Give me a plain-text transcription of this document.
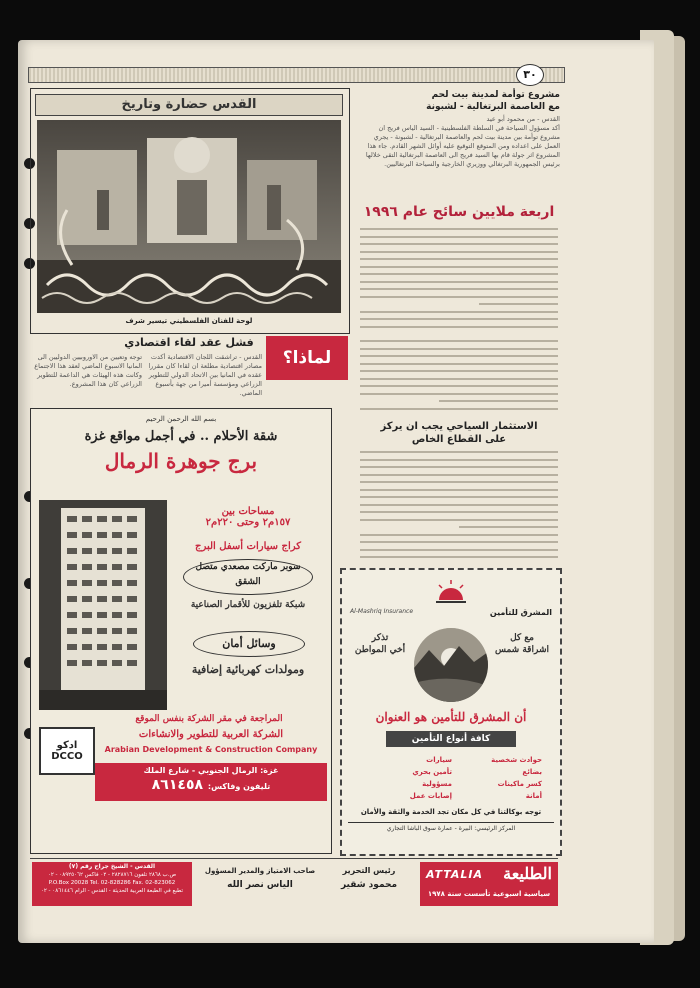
٣٠
القدس حضارة وتاريخ
لوحة للفنان الفلسطيني تيسير شرف
مشروع توأمة لمدينة بيت لحم
مع العاصمة البرتغالية - لشبونة
القدس - من محمود أبو عيد
أكد مسؤول السياحة في السلطة الفلسطينية - السيد الياس فريج ان مشروع توأمة بين مدينة بيت لحم والعاصمة البرتغالية - لشبونة - يجري العمل على اعداده ومن المتوقع التوقيع عليه أوائل الشهر القادم. جاء هذا المشروع اثر جولة قام بها السيد فريج الى العاصمة البرتغالية التقى خلالها برئيس الجمهورية البرتغالي ووزيري الخارجية والسياحة البرتغاليين.
اربعة ملايين سائح عام ١٩٩٦
فشل عقد لقاء اقتصادي
لماذا؟
القدس - تراشقت اللجان الاقتصادية أكدت مصادر اقتصادية مطلعة ان لقاءا كان مقررا عقده في المانيا بين الاتحاد الدولي للتطوير الزراعي ومؤسسة أميرا من جهة بأسبوع الماضي.
توجه وتعيين من الاوروبيين الدوليين الى المانيا الاسبوع الماضي لعقد هذا الاجتماع وكانت هذه الهيئات هي الداعمة للتطوير الزراعي كان هذا المشروع.
الاستثمار السياحي يجب ان يركز
على القطاع الخاص
بسم الله الرحمن الرحيم
شقة الأحلام .. في أجمل مواقع غزة
برج جوهرة الرمال
مساحات بين
١٥٧م٢ وحتى ٢٢٠م٢
كراج سيارات أسفل البرج
سوبر ماركت مصعدي متصل الشقق
شبكة تلفزيون للأقمار الصناعية
وسائل أمان
ومولدات كهربائية إضافية
المراجعة في مقر الشركة بنفس الموقع
ادكو
DCCO
الشركة العربية للتطوير والانشاءات
Arabian Development & Construction Company
غزة: الرمال الجنوبي - شارع الملك
تليفون وفاكس: ٨٦١٤٥٨
المشرق للتأمين
Al-Mashriq Insurance
مع كل
اشراقة شمس
تذكر
أخي المواطن
أن المشرق للتأمين هو العنوان
كافة أنواع التأمين
سيارات
تأمين بحري
مسؤولية
إصابات عمل
حوادث شخصية
بضائع
كسر ماكينات
أمانة
توجه بوكالتنا في كل مكان تجد الخدمة والثقة والأمان
المركز الرئيسي: البيرة - عمارة سوق الباشا التجاري
الطليعة
ATTALIA
سياسية اسبوعية تأسست سنة ١٩٧٨
رئيس التحرير
محمود شقير
صاحب الامتياز والمدير المسؤول
الياس نصر الله
القدس - الشيخ جراح رقم (٧)
ص.ب ٢٨٦٨ تلفون ٢٨٢٨٧١٦ - ٠٢ فاكس ٠٨٩٢٥٠٦٢ - ٠٢
P.O.Box 20028 Tel. 02-828286 Fax. 02-823062
تطبع في الطبعة العربية الحديثة - القدس - الرام ٠٨٦١٤٤٦ - ٠٢
